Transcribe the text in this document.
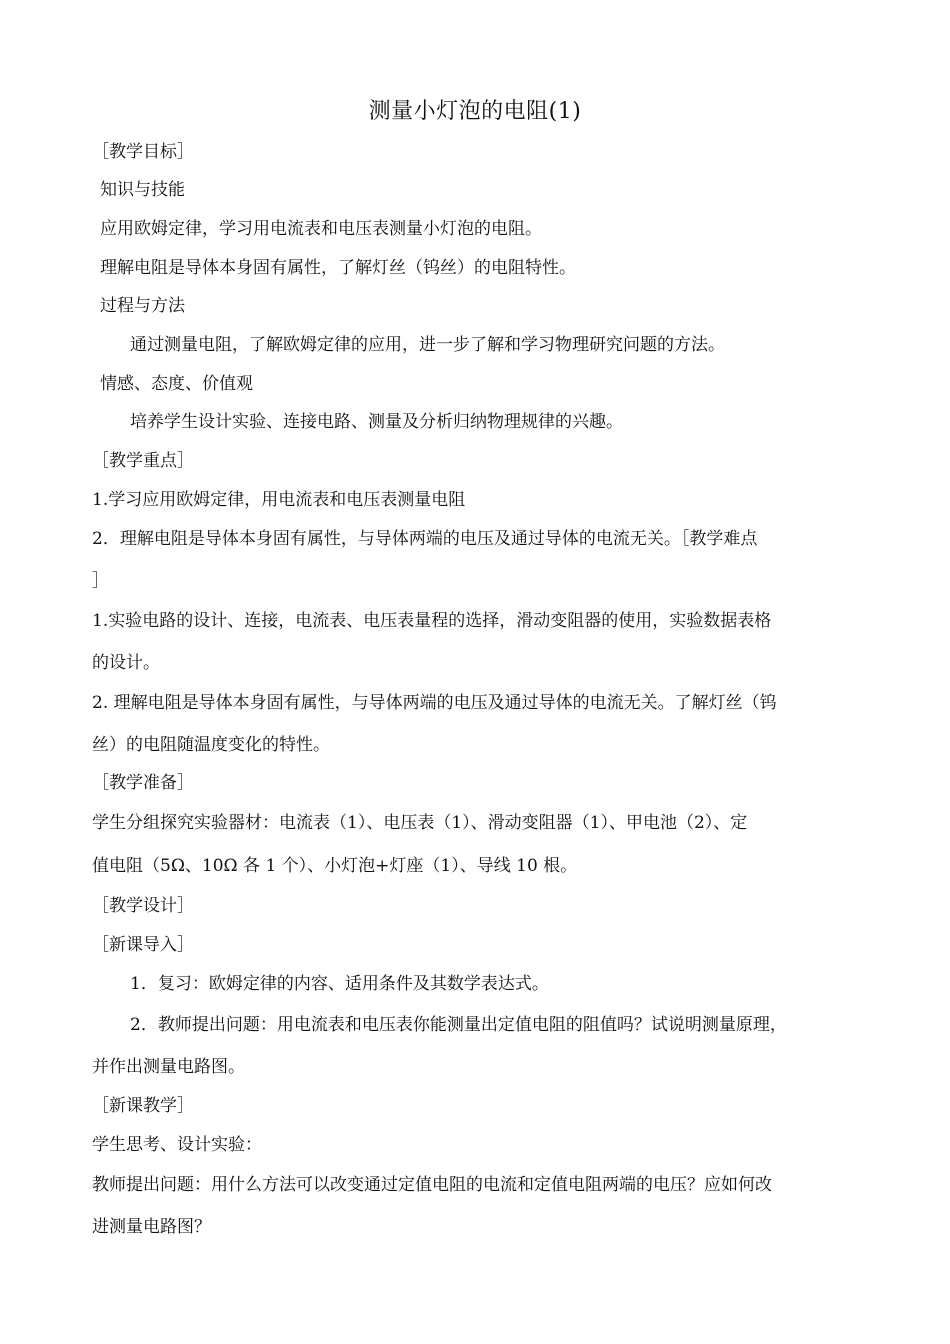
测量小灯泡的电阻(1)
［教学目标］
知识与技能
应用欧姆定律，学习用电流表和电压表测量小灯泡的电阻。
理解电阻是导体本身固有属性，了解灯丝（钨丝）的电阻特性。
过程与方法
通过测量电阻，了解欧姆定律的应用，进一步了解和学习物理研究问题的方法。
情感、态度、价值观
培养学生设计实验、连接电路、测量及分析归纳物理规律的兴趣。
［教学重点］
1.学习应用欧姆定律，用电流表和电压表测量电阻
2．理解电阻是导体本身固有属性，与导体两端的电压及通过导体的电流无关。［教学难点
］
1.实验电路的设计、连接，电流表、电压表量程的选择，滑动变阻器的使用，实验数据表格
的设计。
2. 理解电阻是导体本身固有属性，与导体两端的电压及通过导体的电流无关。了解灯丝（钨
丝）的电阻随温度变化的特性。
［教学准备］
学生分组探究实验器材：电流表（1）、电压表（1）、滑动变阻器（1）、甲电池（2）、定
值电阻（5Ω、10Ω 各 1 个）、小灯泡+灯座（1）、导线 10 根。
［教学设计］
［新课导入］
1．复习：欧姆定律的内容、适用条件及其数学表达式。
2．教师提出问题：用电流表和电压表你能测量出定值电阻的阻值吗？试说明测量原理，
并作出测量电路图。
［新课教学］
学生思考、设计实验：
教师提出问题：用什么方法可以改变通过定值电阻的电流和定值电阻两端的电压？应如何改
进测量电路图？
